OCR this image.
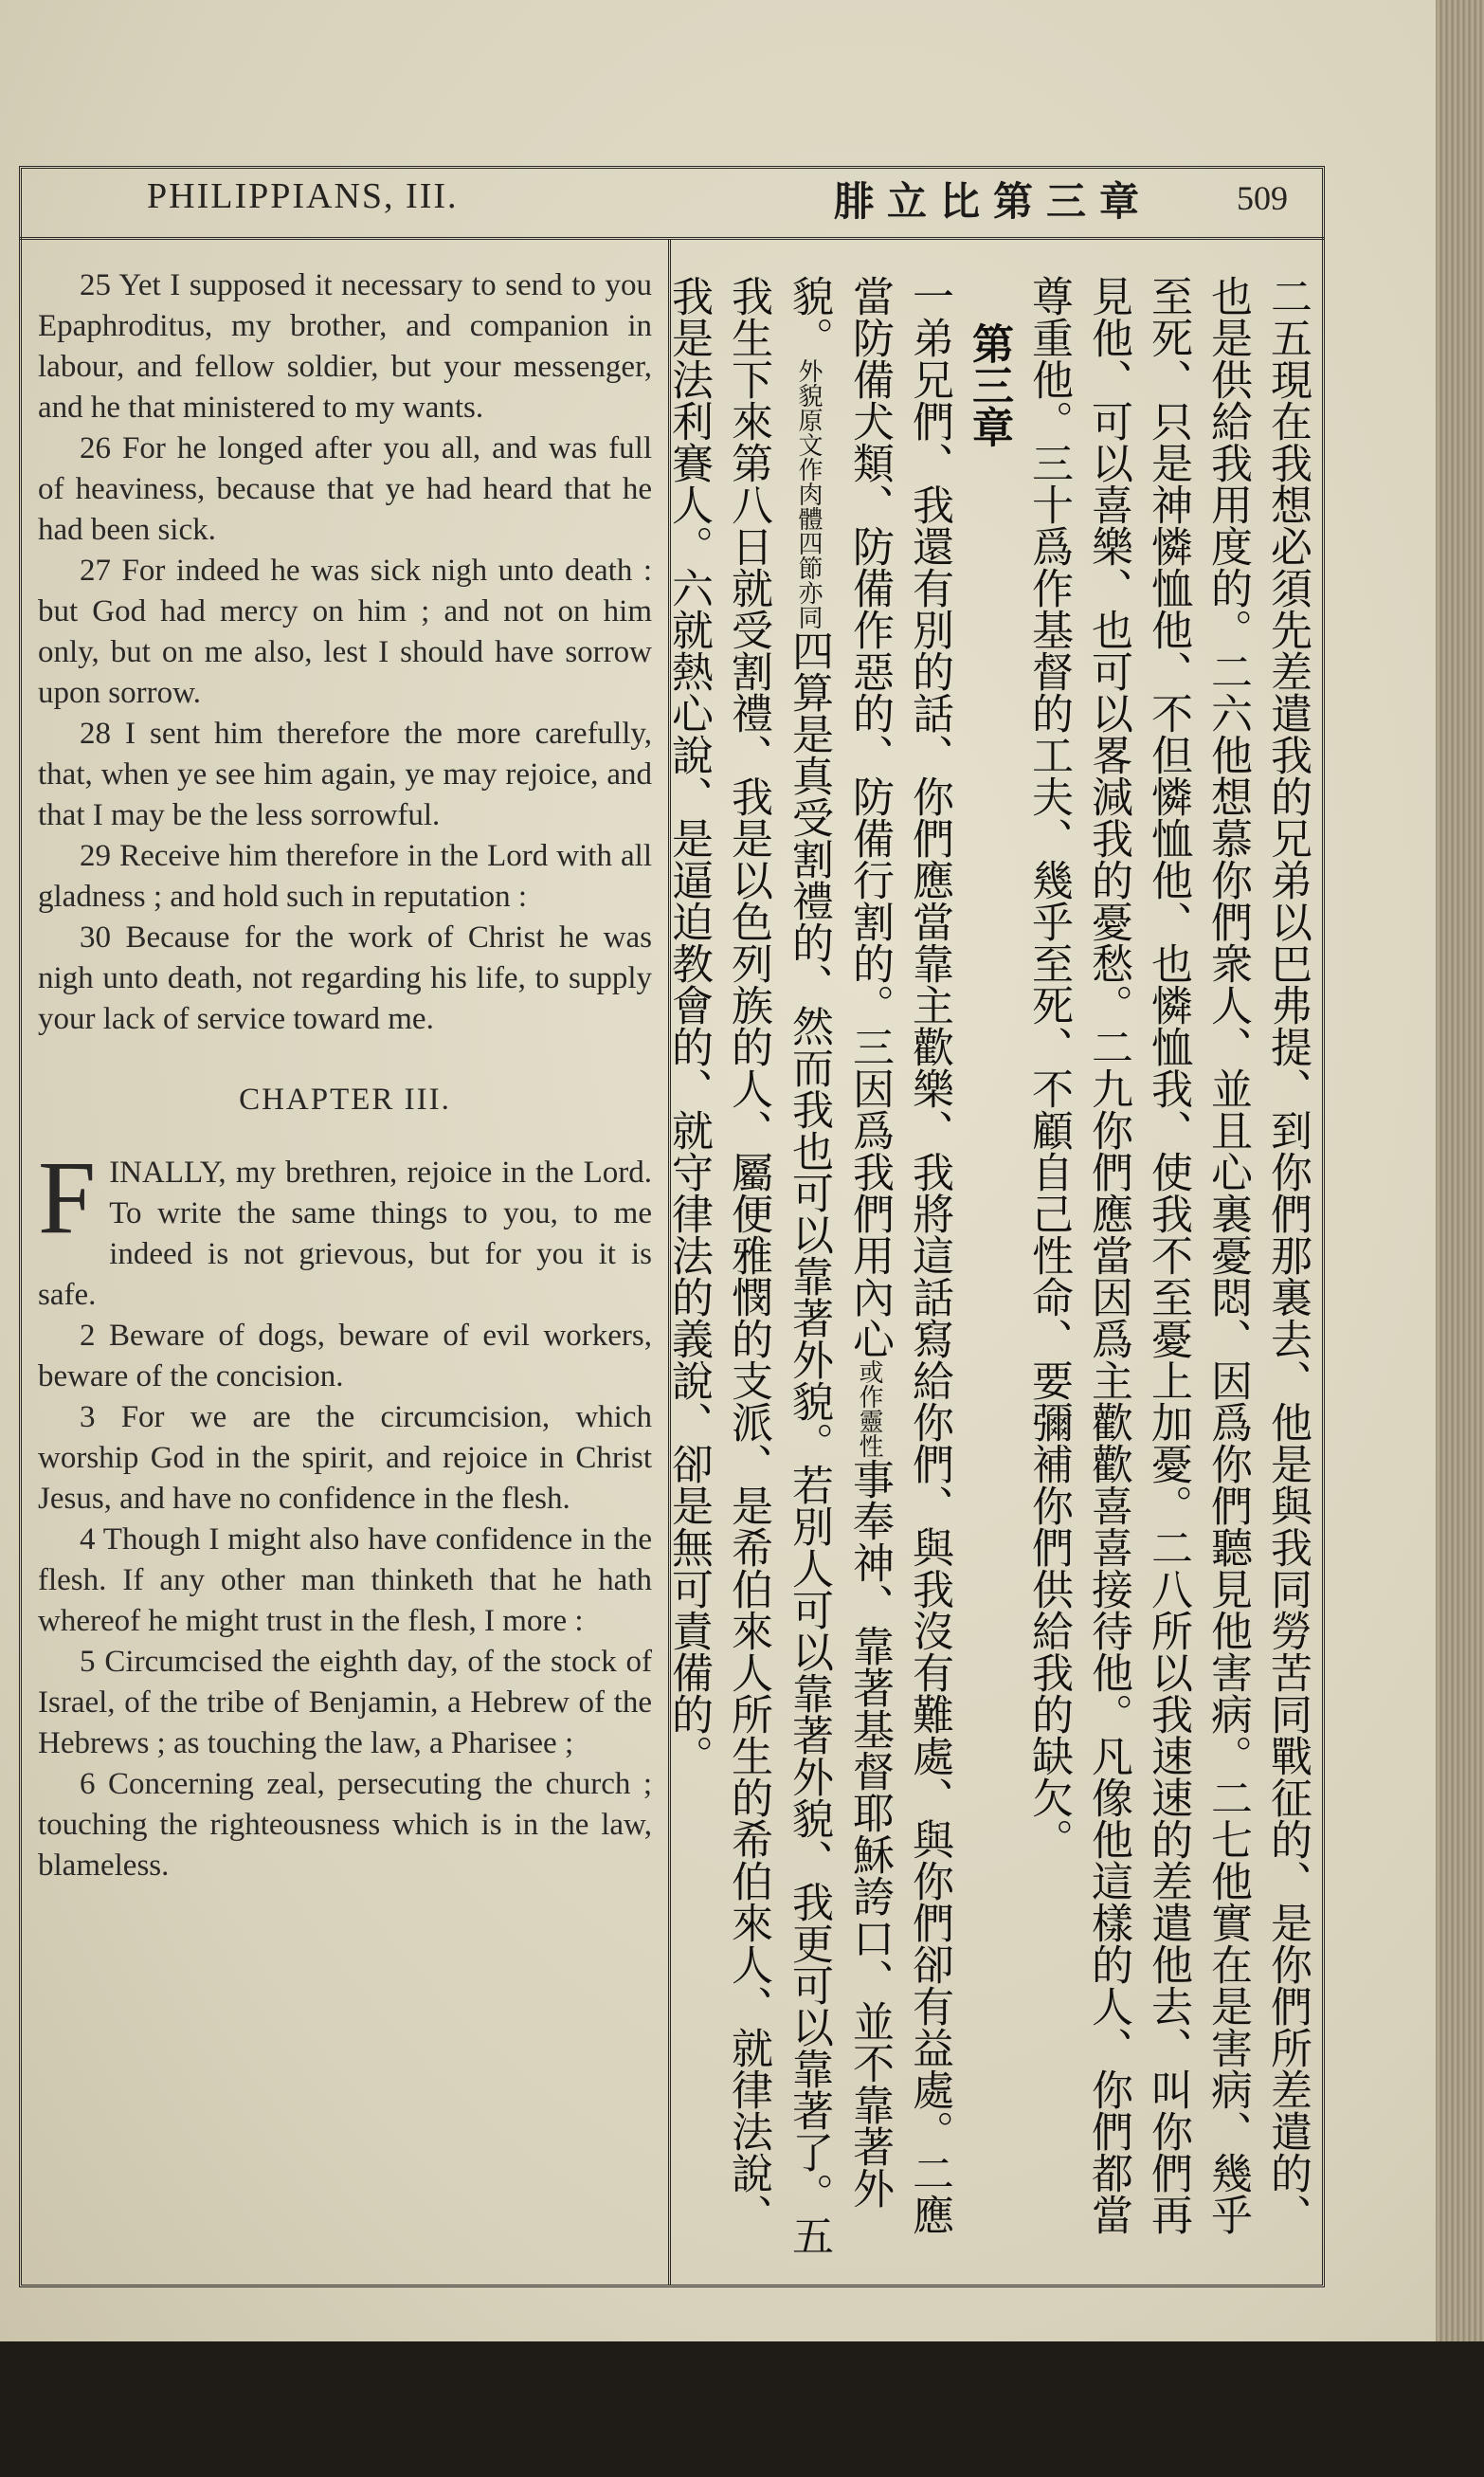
PHILIPPIANS, III.	腓立比第三章 509

25 Yet I supposed it necessary to send to you Epaphroditus, my brother, and companion in labour, and fellow soldier, but your messenger, and he that ministered to my wants.

26 For he longed after you all, and was full of heaviness, because that ye had heard that he had been sick.

27 For indeed he was sick nigh unto death : but God had mercy on him ; and not on him only, but on me also, lest I should have sorrow upon sorrow.

28 I sent him therefore the more carefully, that, when ye see him again, ye may rejoice, and that I may be the less sorrowful.

29 Receive him therefore in the Lord with all gladness ; and hold such in reputation :

30 Because for the work of Christ he was nigh unto death, not regarding his life, to supply your lack of service toward me.

CHAPTER III.

FINALLY, my brethren, rejoice in the Lord. To write the same things to you, to me indeed is not grievous, but for you it is safe.

2 Beware of dogs, beware of evil workers, beware of the concision.

3 For we are the circumcision, which worship God in the spirit, and rejoice in Christ Jesus, and have no confidence in the flesh.

4 Though I might also have confidence in the flesh. If any other man thinketh that he hath whereof he might trust in the flesh, I more :

5 Circumcised the eighth day, of the stock of Israel, of the tribe of Benjamin, a Hebrew of the Hebrews ; as touching the law, a Pharisee ;

6 Concerning zeal, persecuting the church ; touching the righteousness which is in the law, blameless.	二五現在我想必須先差遣我的兄弟以巴弗提、到你們那裏去、他是與我同勞苦同戰征的、是你們所差遣的、也是供給我用度的。二六他想慕你們衆人、並且心裏憂悶、因爲你們聽見他害病。二七他實在是害病、幾乎至死、只是神憐恤他、不但憐恤他、也憐恤我、使我不至憂上加憂。二八所以我速速的差遣他去、叫你們再見他、可以喜樂、也可以畧減我的憂愁。二九你們應當因爲主歡歡喜喜接待他。凡像他這樣的人、你們都當尊重他。三十爲作基督的工夫、幾乎至死、不顧自己性命、要彌補你們供給我的缺欠。

第三章

一弟兄們、我還有別的話、你們應當靠主歡樂、我將這話寫給你們、與我沒有難處、與你們卻有益處。二應當防備犬類、防備作惡的、防備行割的。三因爲我們用內心或作靈性事奉神、靠著基督耶穌誇口、並不靠著外貌。外貌原文作肉體四節亦同四算是真受割禮的、然而我也可以靠著外貌。若別人可以靠著外貌、我更可以靠著了。五我生下來第八日就受割禮、我是以色列族的人、屬便雅憫的支派、是希伯來人所生的希伯來人、就律法說、我是法利賽人。六就熱心說、是逼迫教會的、就守律法的義說、卻是無可責備的。
